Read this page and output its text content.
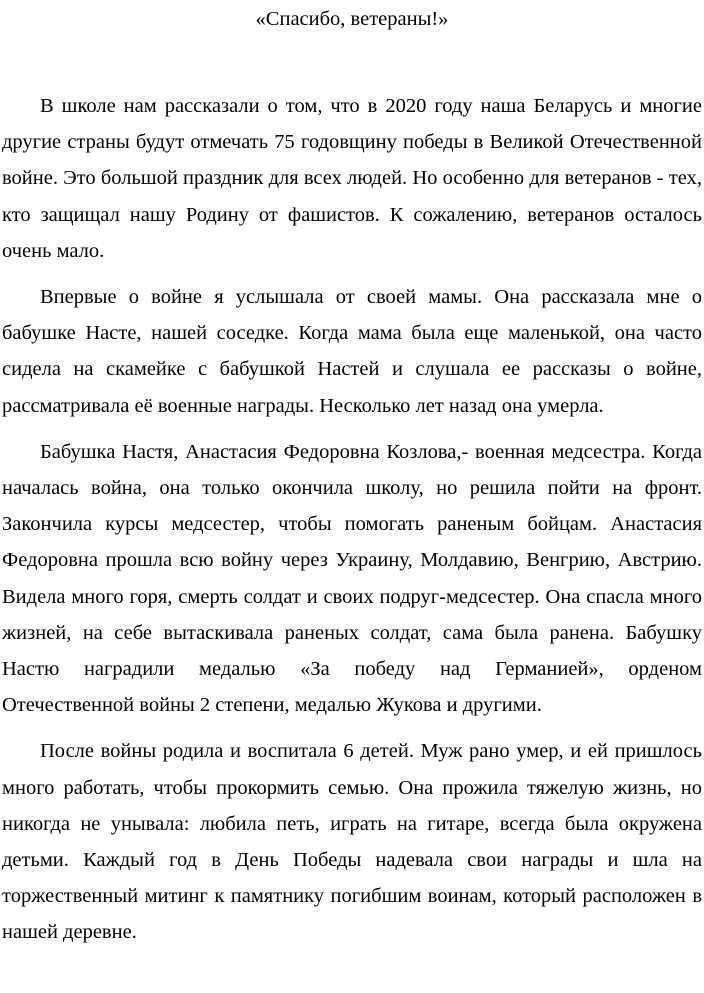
«Спасибо, ветераны!»

В школе нам рассказали о том, что в 2020 году наша Беларусь и многие другие страны будут отмечать 75 годовщину победы в Великой Отечественной войне. Это большой праздник для всех людей. Но особенно для ветеранов - тех, кто защищал нашу Родину от фашистов. К сожалению, ветеранов осталось очень мало.

Впервые о войне я услышала от своей мамы. Она рассказала мне о бабушке Насте, нашей соседке. Когда мама была еще маленькой, она часто сидела на скамейке с бабушкой Настей и слушала ее рассказы о войне, рассматривала её военные награды. Несколько лет назад она умерла.

Бабушка Настя, Анастасия Федоровна Козлова,- военная медсестра. Когда началась война, она только окончила школу, но решила пойти на фронт. Закончила курсы медсестер, чтобы помогать раненым бойцам. Анастасия Федоровна прошла всю войну через Украину, Молдавию, Венгрию, Австрию. Видела много горя, смерть солдат и своих подруг-медсестер. Она спасла много жизней, на себе вытаскивала раненых солдат, сама была ранена. Бабушку Настю наградили медалью «За победу над Германией», орденом Отечественной войны 2 степени, медалью Жукова и другими.

После войны родила и воспитала 6 детей. Муж рано умер, и ей пришлось много работать, чтобы прокормить семью. Она прожила тяжелую жизнь, но никогда не унывала: любила петь, играть на гитаре, всегда была окружена детьми. Каждый год в День Победы надевала свои награды и шла на торжественный митинг к памятнику погибшим воинам, который расположен в нашей деревне.
